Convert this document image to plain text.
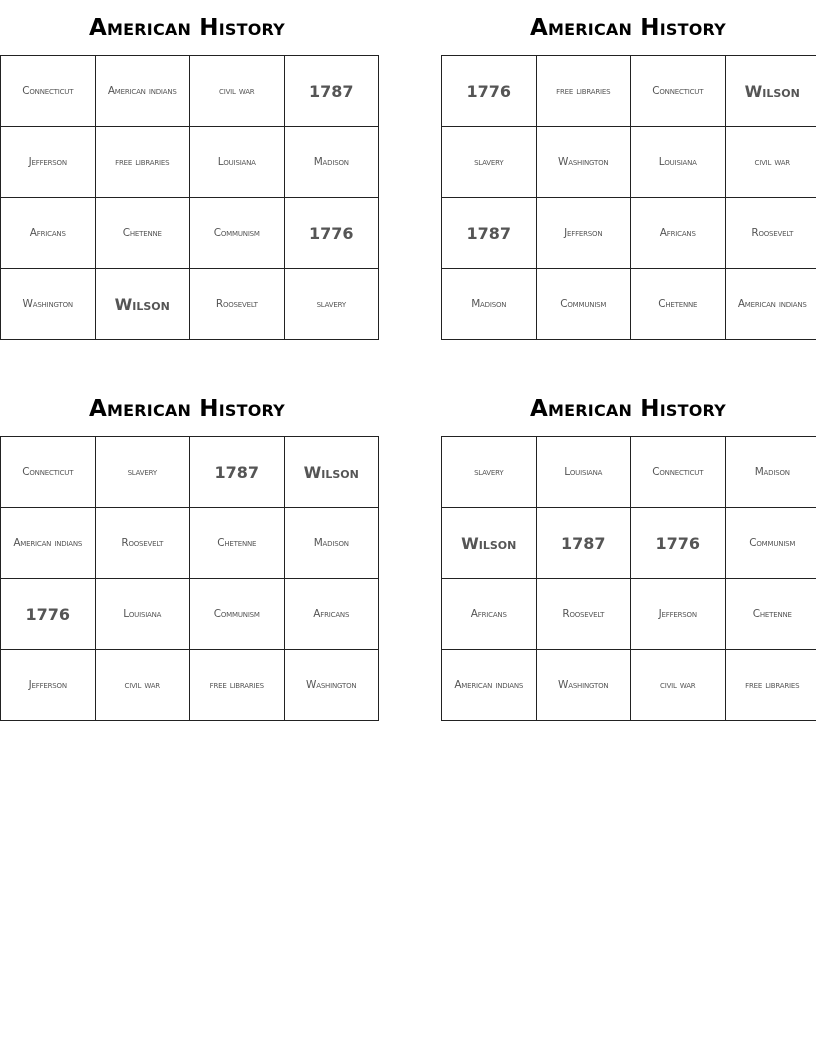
American History
Connecticut	American indians	civil war	1787
Jefferson	free libraries	Louisiana	Madison
Africans	Chetenne	Communism	1776
Washington	Wilson	Roosevelt	slavery
American History
1776	free libraries	Connecticut	Wilson
slavery	Washington	Louisiana	civil war
1787	Jefferson	Africans	Roosevelt
Madison	Communism	Chetenne	American indians
American History
Connecticut	slavery	1787	Wilson
American indians	Roosevelt	Chetenne	Madison
1776	Louisiana	Communism	Africans
Jefferson	civil war	free libraries	Washington
American History
slavery	Louisiana	Connecticut	Madison
Wilson	1787	1776	Communism
Africans	Roosevelt	Jefferson	Chetenne
American indians	Washington	civil war	free libraries
